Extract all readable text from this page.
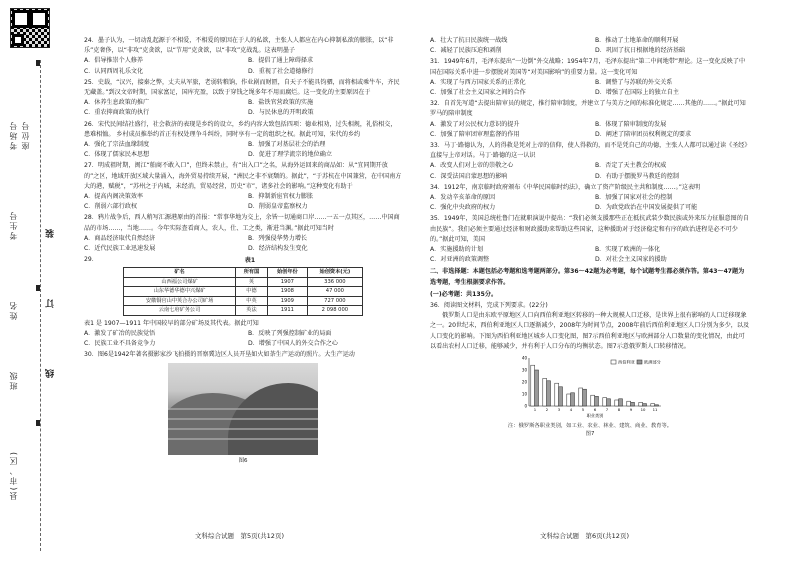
考场号 座位号
考生号
姓名
班级
县(市、区)
装
订
线
24．墨子认为，一切动乱起源于不相爱，不相爱的原因在于人的私欲，主张人人都应在内心抑制私欲的膨胀，以“非乐”克奢侈，以“非攻”克贪欲，以“节用”克贪欲，以“非攻”克战乱。这表明墨子
A．倡导推崇个人修养	B．提倡了通上障碍择求
C．认同西周礼乐文化	D．重视了社会道德修行
25．史载，“汉兴，接秦之弊，丈夫从军旅，老弱转粮饷，作业剧而财匮，自天子不能具钧驷，而将相或乘牛车，齐民无藏盖。”到汉文帝时期，国家富足，国库充盈，以致于穿钱之绳多年不用而腐烂。这一变化的主要原因在于
A．休养生息政策的推广	B．盐铁官营政策的实施
C．重农抑商政策的执行	D．与民休息的开明政策
26．宋代民间结社盛行，社会救济的表现是乡约的设立，乡约内容大致包括四项：德业相劝，过失相规，礼俗相交，患难相恤。 乡村成员推举约首正有权处理争斗纠纷，同时享有一定的组织之权。据此可知，宋代的乡约
A．强化了宗法血缘制度	B．加强了对基层社会的治理
C．体现了儒家民本思想	D．促进了理学流宗的地位确立
27．明成祖时期，闽江“舶商不敢入口”，但终未禁止，有“出入口”之名，从海外运回来的商品如：从“宜同期开放的”之区，地域开放区域大量涌入，海外贸易持续开展，“洲民之非不衰颓的。据此”，“于苏杭在中国兼营，在中国南方大的港，赋税”，“苏州之于内城，未经消，贸易经营，历史“市”，诸多社会的影响。”这种变化有助于
A．提高内阁决策效率	B．抑制新宦官权力膨胀
C．削弱六部行政权	D．削弱皇帝监察权力
28．鸦片战争后，西人稍写汇源港原由的首报：“常事华地为交上，余皆一切通商口岸……一五一点其区，……中国商品的市场……，当地……。今年实际查看商人，农人，仕、工之类，渐进当渊。”据此可知当时
A．商品经济取代自然经济	B．列强侵华势力增长
C．近代民族工业迅速发展	D．经济结构发生变化
29．	表1
矿名	所有国	始创年份	始创资本(元)
山西福公司煤矿	英	1907	336 000
山东华德华德中兴煤矿	中德	1908	47 000
安徽铜官山中英合办公司矿场	中英	1909	727 000
云南七府矿务公司	英法	1911	2 098 000
表1 是 1907—1911 年中国较早的部分矿场及其代表。据此可知
A．激发了矿冶的民族觉悟	B．反映了列强控制矿业的局面
C．民族工业不具备竞争力	D．增强了中国人的外交合作之心
30．图6是1942年著名摄影家沙飞拍摄的晋察冀边区人员开垦如火如荼生产运动的照片。大生产运动
图6
文科综合试题　第5页(共12页)
A．壮大了抗日民族统一战线	B．推动了土地革命的顺利开展
C．减轻了民族压迫和剥削	D．巩固了抗日根据地的经济基础
31．1949年6月，毛泽东提出“一边倒”外交战略；1954年7月，毛泽东提出“第二中间地带”理论。这一变化反映了中国在国际关系中进一步摆脱对美国等“对美国影响”的重要力量。这一变化可知
A．实现了与西方国家关系的正常化	B．调整了与苏联的外交关系
C．加强了社会主义国家之间的合作	D．增强了在国际上的独立自主
32．自首先写道“去提出陪审员的规定，推行陪审制度，并建立了与美方之间的标准化规定……其他的……。”据此可知罗马的陪审制度
A．激发了对公民权力意识的提升	B．体现了陪审制度的发展
C．加强了陪审团审理监督的作用	D．阐述了陪审团员权利规定的要求
33．马丁·路德认为，人的得救是凭对上帝的信仰，使人得救的，而不是凭自己的功德，主张人人都可以通过读《圣经》直接与上帝对话。马丁·路德的这一认识
A．改变人们对上帝的崇敬之心	B．否定了天主教会的权威
C．深受法国启蒙思想的影响	D．有助于摆脱罗马教廷的控制
34．1912年，南京临时政府颁布《中华民国临时约法》，确立了资产阶级民主共和制度……。”这表明
A．发动辛亥革命的原因	B．加强了国家对社会的控制
C．强化中央政府的权力	D．为政党政治在中国发展提供了可能
35．1949年，美国总统杜鲁门在就职演说中提出：“我们必须支援那些正在抵抗武装少数民族或外来压力征服意图的自由民族”。我们必须主要通过经济和财政援助来帮助这些国家，这种援助对于经济稳定和有序的政治进程是必不可少的。”据此可知，美国
A．实施援助的计划	B．实现了欧洲的一体化
C．对亚洲的政策调整	D．对社会主义国家的援助
二、非选择题：本题包括必考题和选考题两部分。第36～42题为必考题，每个试题考生都必须作答。第43～47题为选考题，考生根据要求作答。
(一)必考题：共135分。
36．阅读图文材料，完成下列要求。(22分)
俄罗斯人口是由东欧平原地区人口向西伯利亚地区转移的一种大规模人口迁移，是世界上很有影响的人口迁移现象之一。20世纪末，西伯利亚地区人口逐渐减少，2008年为时间节点，2008年前后西伯利亚地区人口分别为多少，以及人口变化的影响。下图为西伯利亚地区城乡人口变化图，图7示西伯利亚地区与欧洲部分人口数量的变化情况，由此可以看出农村人口迁移，能够减少，并有利于人口分布的均衡状态。图7示意俄罗斯人口转移情况。
0
10
20
30
40
1	2	3	4	5	6	7	8	9 10 11
职业类别
西伯利亚 欧洲部分
注：俄罗斯各职业类别，如工业、农业、林业、建筑、商业、教育等。
图7
文科综合试题　第6页(共12页)
